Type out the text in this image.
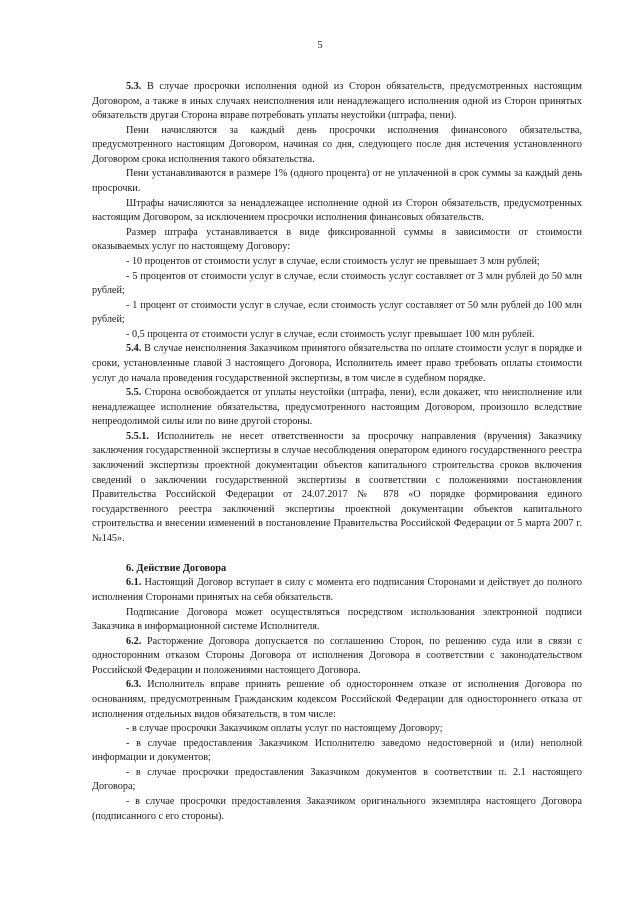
5

5.3. В случае просрочки исполнения одной из Сторон обязательств, предусмотренных настоящим Договором, а также в иных случаях неисполнения или ненадлежащего исполнения одной из Сторон принятых обязательств другая Сторона вправе потребовать уплаты неустойки (штрафа, пени).

Пени начисляются за каждый день просрочки исполнения финансового обязательства, предусмотренного настоящим Договором, начиная со дня, следующего после дня истечения установленного Договором срока исполнения такого обязательства.

Пени устанавливаются в размере 1% (одного процента) от не уплаченной в срок суммы за каждый день просрочки.

Штрафы начисляются за ненадлежащее исполнение одной из Сторон обязательств, предусмотренных настоящим Договором, за исключением просрочки исполнения финансовых обязательств.

Размер штрафа устанавливается в виде фиксированной суммы в зависимости от стоимости оказываемых услуг по настоящему Договору:

- 10 процентов от стоимости услуг в случае, если стоимость услуг не превышает 3 млн рублей;

- 5 процентов от стоимости услуг в случае, если стоимость услуг составляет от 3 млн рублей до 50 млн рублей;

- 1 процент от стоимости услуг в случае, если стоимость услуг составляет от 50 млн рублей до 100 млн рублей;

- 0,5 процента от стоимости услуг в случае, если стоимость услуг превышает 100 млн рублей.

5.4. В случае неисполнения Заказчиком принятого обязательства по оплате стоимости услуг в порядке и сроки, установленные главой 3 настоящего Договора, Исполнитель имеет право требовать оплаты стоимости услуг до начала проведения государственной экспертизы, в том числе в судебном порядке.

5.5. Сторона освобождается от уплаты неустойки (штрафа, пени), если докажет, что неисполнение или ненадлежащее исполнение обязательства, предусмотренного настоящим Договором, произошло вследствие непреодолимой силы или по вине другой стороны.

5.5.1. Исполнитель не несет ответственности за просрочку направления (вручения) Заказчику заключения государственной экспертизы в случае несоблюдения оператором единого государственного реестра заключений экспертизы проектной документации объектов капитального строительства сроков включения сведений о заключении государственной экспертизы в соответствии с положениями постановления Правительства Российской Федерации от 24.07.2017 № 878 «О порядке формирования единого государственного реестра заключений экспертизы проектной документации объектов капитального строительства и внесении изменений в постановление Правительства Российской Федерации от 5 марта 2007 г. №145».

6. Действие Договора

6.1. Настоящий Договор вступает в силу с момента его подписания Сторонами и действует до полного исполнения Сторонами принятых на себя обязательств.

Подписание Договора может осуществляться посредством использования электронной подписи Заказчика в информационной системе Исполнителя.

6.2. Расторжение Договора допускается по соглашению Сторон, по решению суда или в связи с односторонним отказом Стороны Договора от исполнения Договора в соответствии с законодательством Российской Федерации и положениями настоящего Договора.

6.3. Исполнитель вправе принять решение об одностороннем отказе от исполнения Договора по основаниям, предусмотренным Гражданским кодексом Российской Федерации для одностороннего отказа от исполнения отдельных видов обязательств, в том числе:

- в случае просрочки Заказчиком оплаты услуг по настоящему Договору;

- в случае предоставления Заказчиком Исполнителю заведомо недостоверной и (или) неполной информации и документов;

- в случае просрочки предоставления Заказчиком документов в соответствии п. 2.1 настоящего Договора;

- в случае просрочки предоставления Заказчиком оригинального экземпляра настоящего Договора (подписанного с его стороны).
